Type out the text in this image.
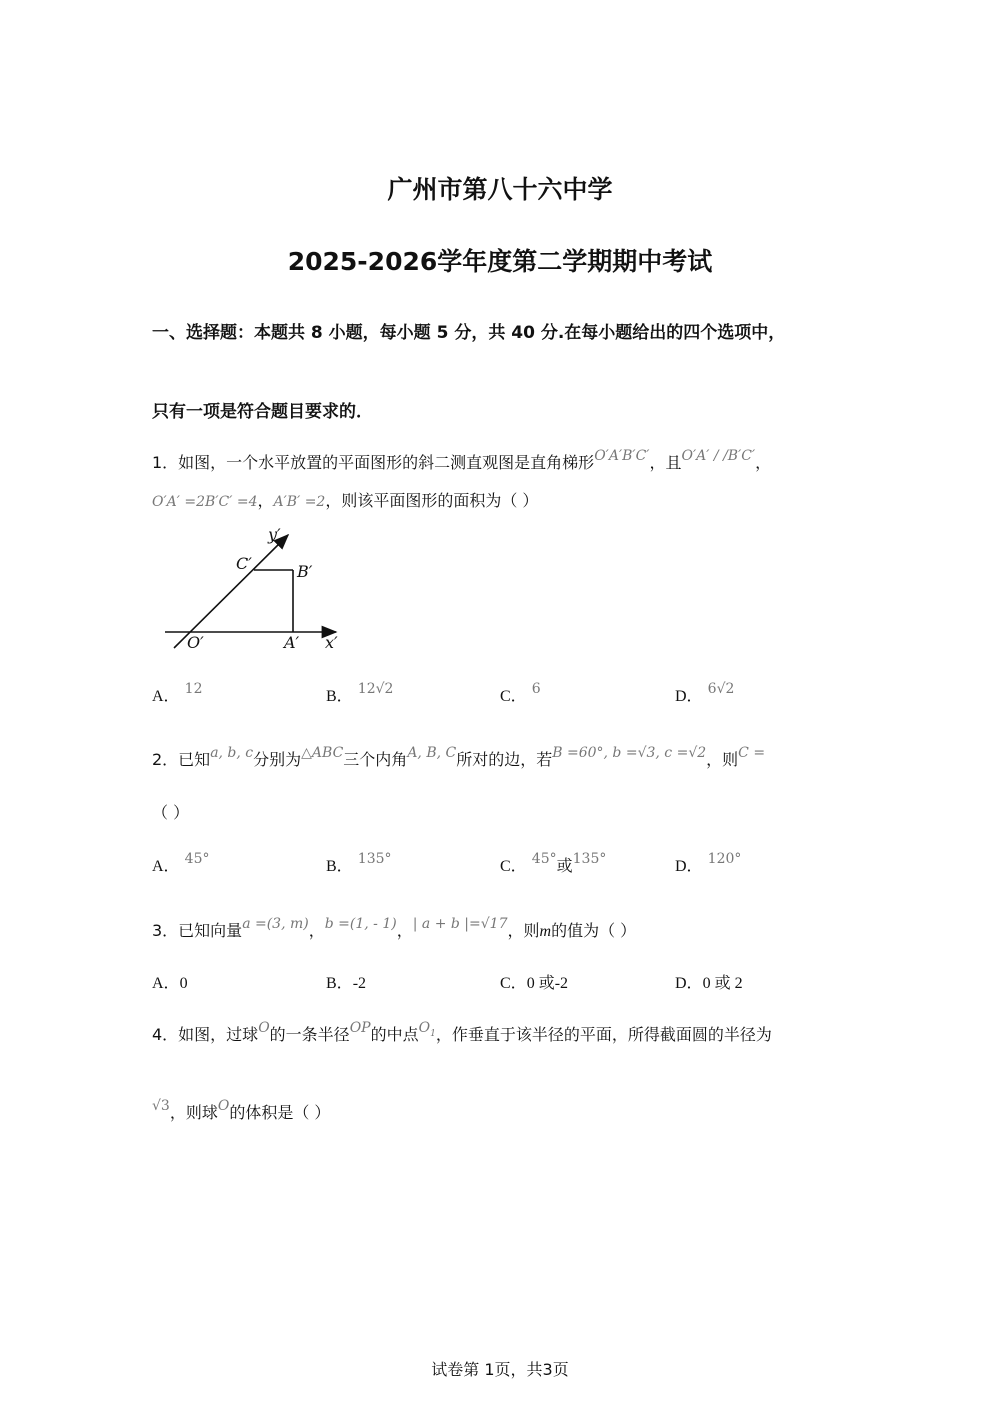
广州市第八十六中学
2025-2026学年度第二学期期中考试
一、选择题：本题共 8 小题，每小题 5 分，共 40 分.在每小题给出的四个选项中，
只有一项是符合题目要求的．
1．如图，一个水平放置的平面图形的斜二测直观图是直角梯形O′A′B′C′，且O′A′ / /B′C′，
O′A′ =2B′C′ =4，A′B′ =2，则该平面图形的面积为（ ）
y′
C′	B′
O′	A′ x′
A． 12	B． 12√2	C． 6	D． 6√2
2．已知a, b, c分别为△ABC三个内角A, B, C所对的边，若B =60°, b =√3, c =√2，则C =
（ ）
A． 45°	B． 135°	C． 45°或135°	D． 120°
3．已知向量a =(3, m)，b =(1, - 1)，| a + b |=√17，则m的值为（ ）
A．0	B．-2	C．0 或-2	D．0 或 2
4．如图，过球O的一条半径OP的中点$O_1$，作垂直于该半径的平面，所得截面圆的半径为
√3，则球O的体积是（ ）
试卷第 1页，共3页
